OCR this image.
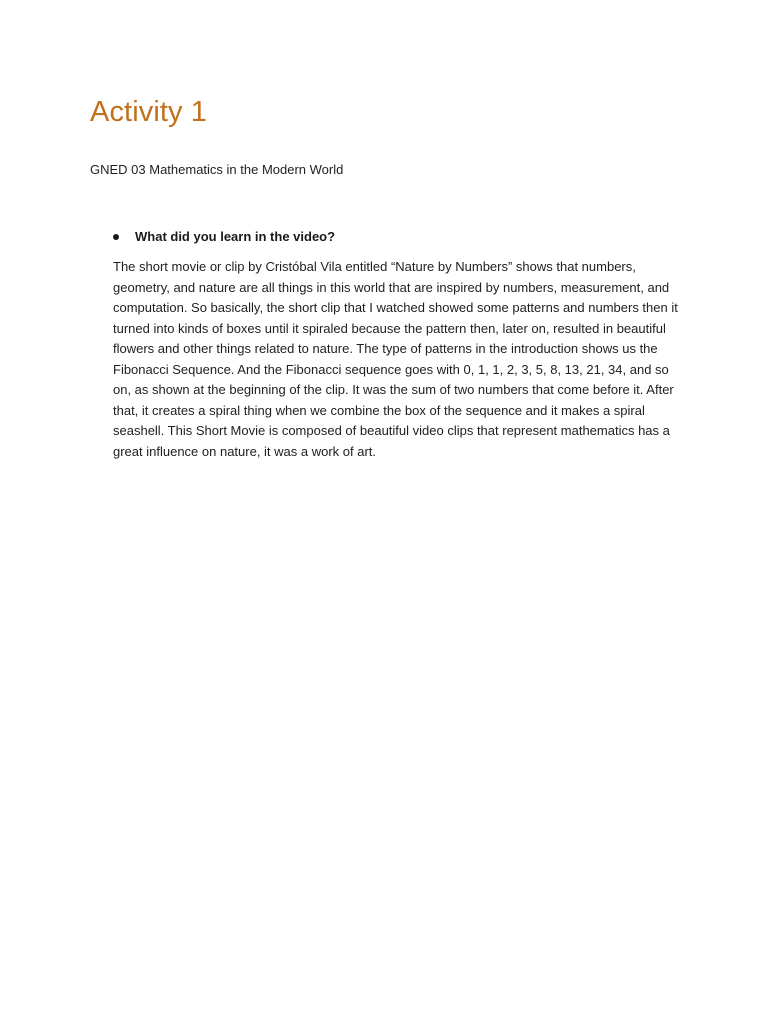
Activity 1

GNED 03 Mathematics in the Modern World

What did you learn in the video?

The short movie or clip by Cristóbal Vila entitled “Nature by Numbers” shows that numbers, geometry, and nature are all things in this world that are inspired by numbers, measurement, and computation. So basically, the short clip that I watched showed some patterns and numbers then it turned into kinds of boxes until it spiraled because the pattern then, later on, resulted in beautiful flowers and other things related to nature. The type of patterns in the introduction shows us the Fibonacci Sequence. And the Fibonacci sequence goes with 0, 1, 1, 2, 3, 5, 8, 13, 21, 34, and so on, as shown at the beginning of the clip. It was the sum of two numbers that come before it. After that, it creates a spiral thing when we combine the box of the sequence and it makes a spiral seashell. This Short Movie is composed of beautiful video clips that represent mathematics has a great influence on nature, it was a work of art.
